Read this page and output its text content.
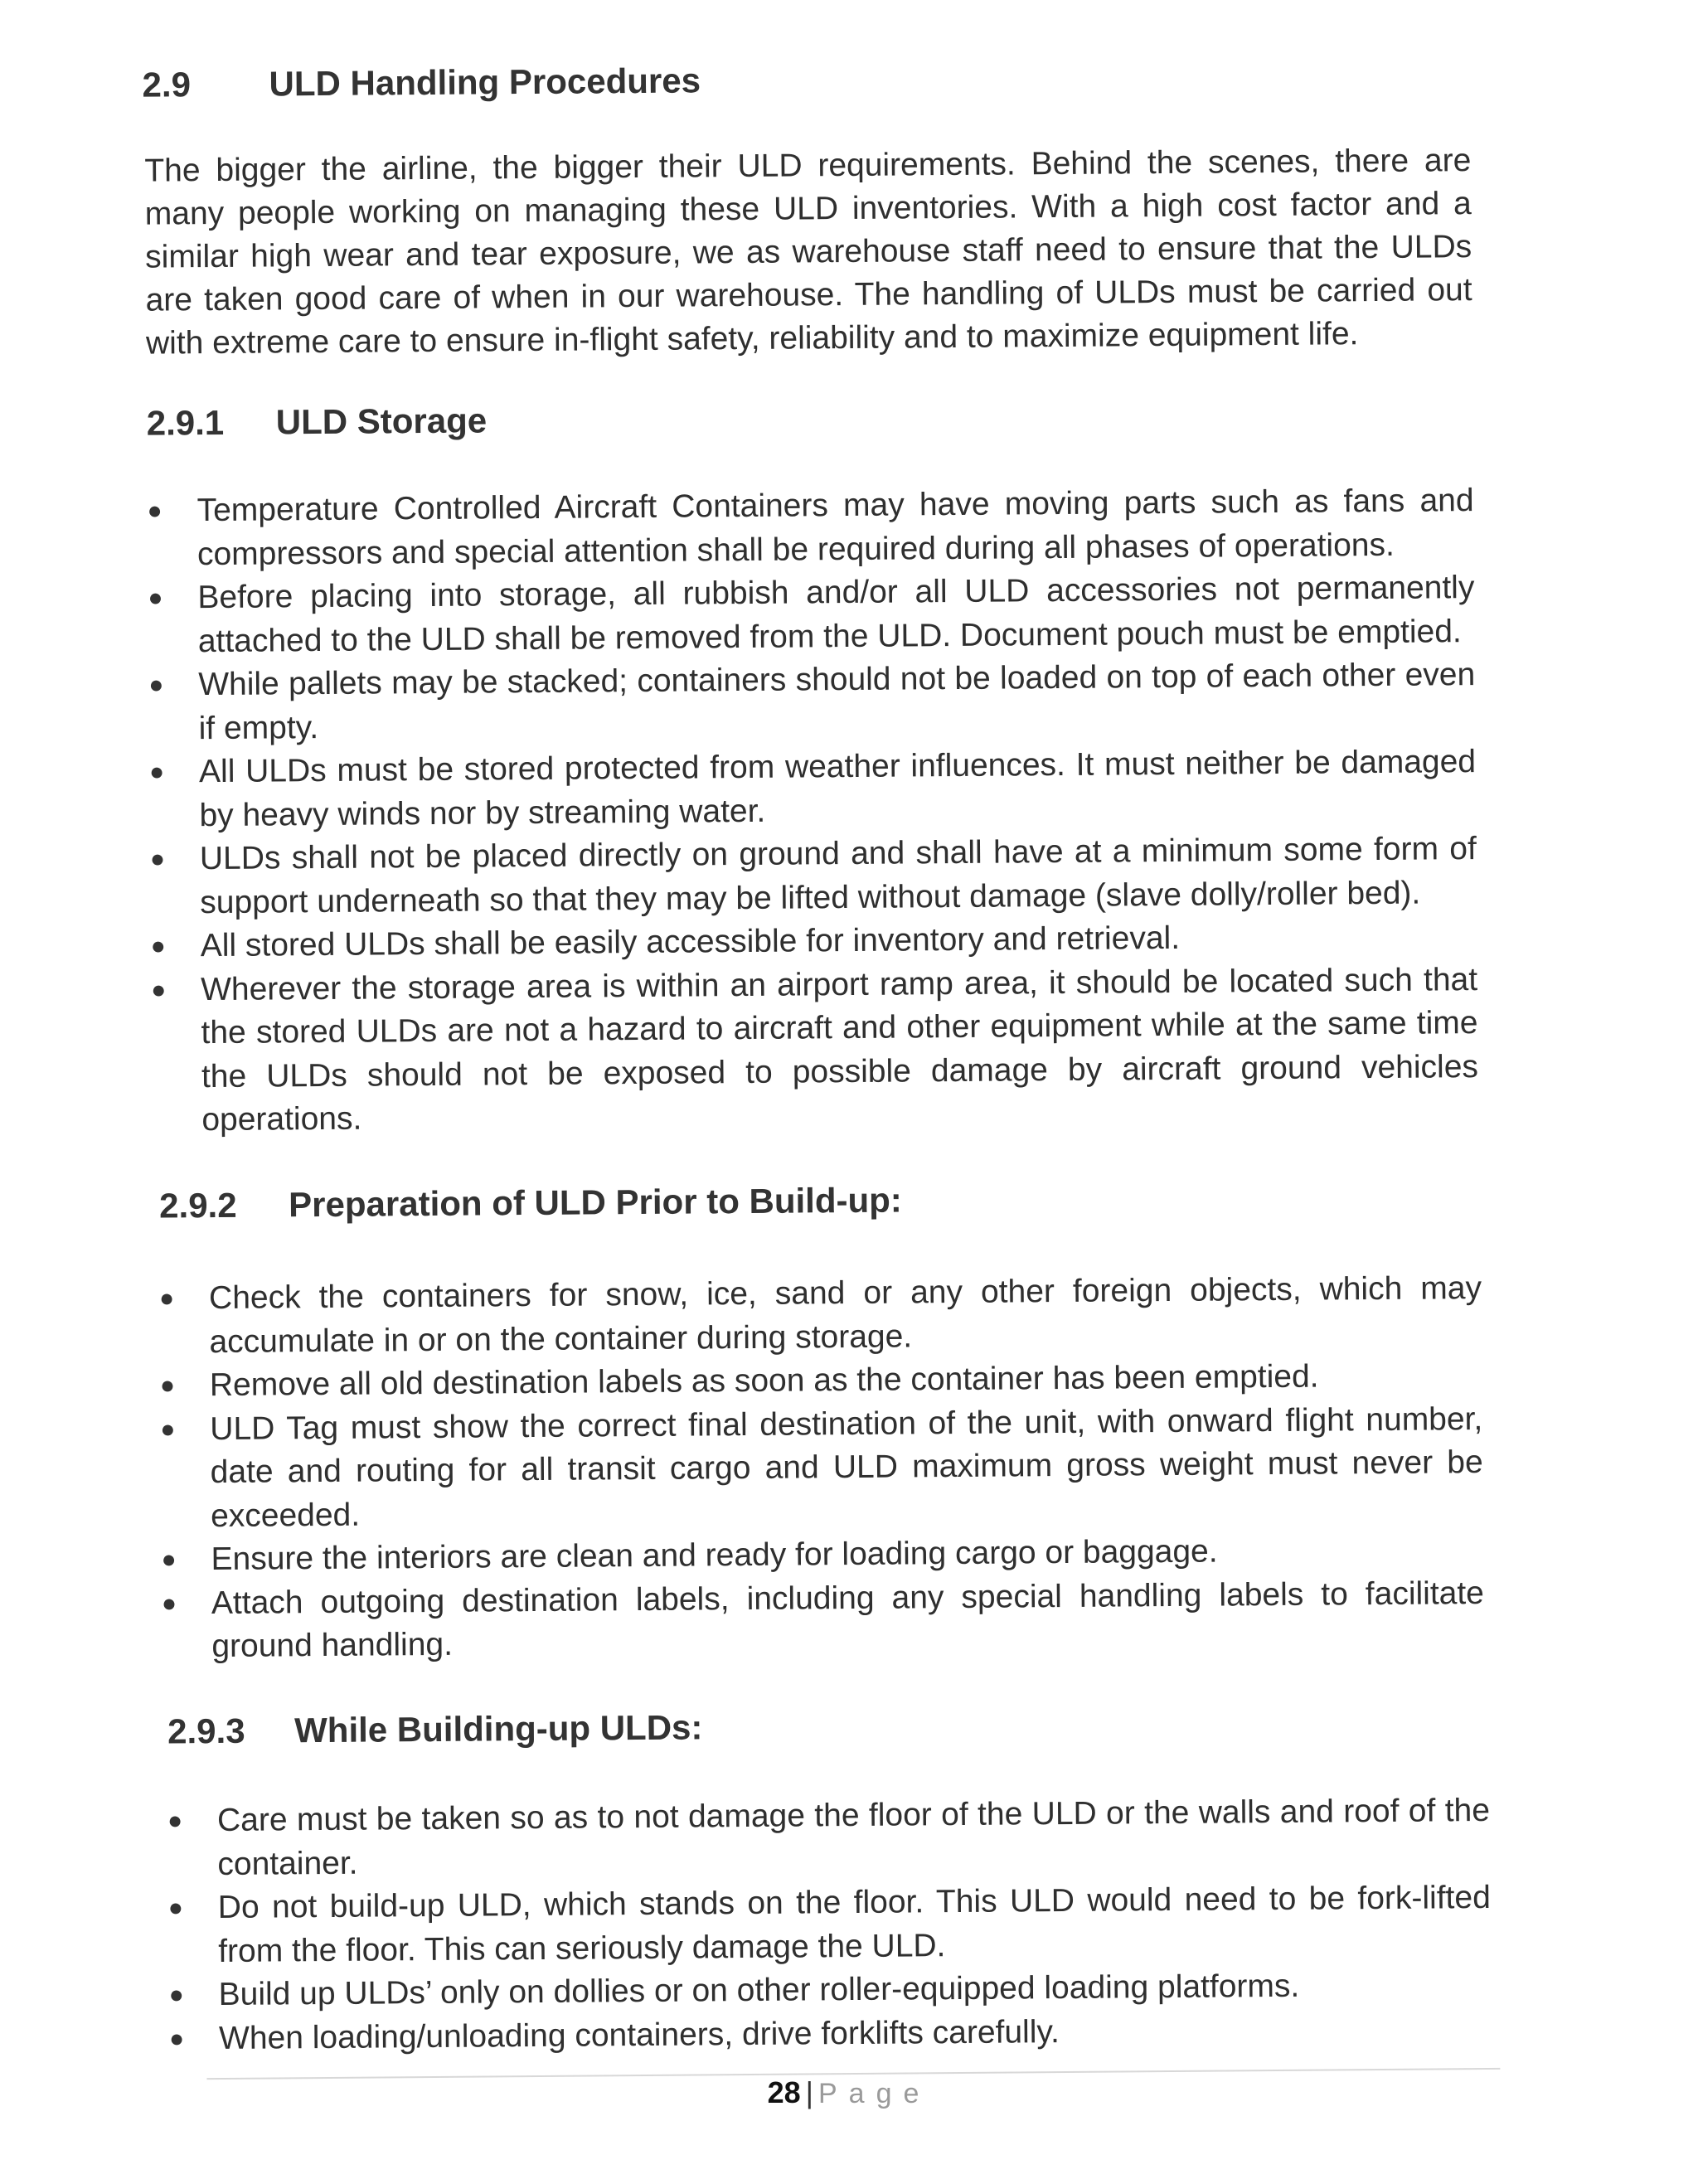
2.9 ULD Handling Procedures
The bigger the airline, the bigger their ULD requirements. Behind the scenes, there are many people working on managing these ULD inventories. With a high cost factor and a similar high wear and tear exposure, we as warehouse staff need to ensure that the ULDs are taken good care of when in our warehouse. The handling of ULDs must be carried out with extreme care to ensure in-flight safety, reliability and to maximize equipment life.
2.9.1 ULD Storage
● Temperature Controlled Aircraft Containers may have moving parts such as fans and compressors and special attention shall be required during all phases of operations.
● Before placing into storage, all rubbish and/or all ULD accessories not permanently attached to the ULD shall be removed from the ULD. Document pouch must be emptied.
● While pallets may be stacked; containers should not be loaded on top of each other even if empty.
● All ULDs must be stored protected from weather influences. It must neither be damaged by heavy winds nor by streaming water.
● ULDs shall not be placed directly on ground and shall have at a minimum some form of support underneath so that they may be lifted without damage (slave dolly/roller bed).
● All stored ULDs shall be easily accessible for inventory and retrieval.
● Wherever the storage area is within an airport ramp area, it should be located such that the stored ULDs are not a hazard to aircraft and other equipment while at the same time the ULDs should not be exposed to possible damage by aircraft ground vehicles operations.
2.9.2 Preparation of ULD Prior to Build-up:
● Check the containers for snow, ice, sand or any other foreign objects, which may accumulate in or on the container during storage.
● Remove all old destination labels as soon as the container has been emptied.
● ULD Tag must show the correct final destination of the unit, with onward flight number, date and routing for all transit cargo and ULD maximum gross weight must never be exceeded.
● Ensure the interiors are clean and ready for loading cargo or baggage.
● Attach outgoing destination labels, including any special handling labels to facilitate ground handling.
2.9.3 While Building-up ULDs:
● Care must be taken so as to not damage the floor of the ULD or the walls and roof of the container.
● Do not build-up ULD, which stands on the floor. This ULD would need to be fork-lifted from the floor. This can seriously damage the ULD.
● Build up ULDs’ only on dollies or on other roller-equipped loading platforms.
● When loading/unloading containers, drive forklifts carefully.
28 | Page
